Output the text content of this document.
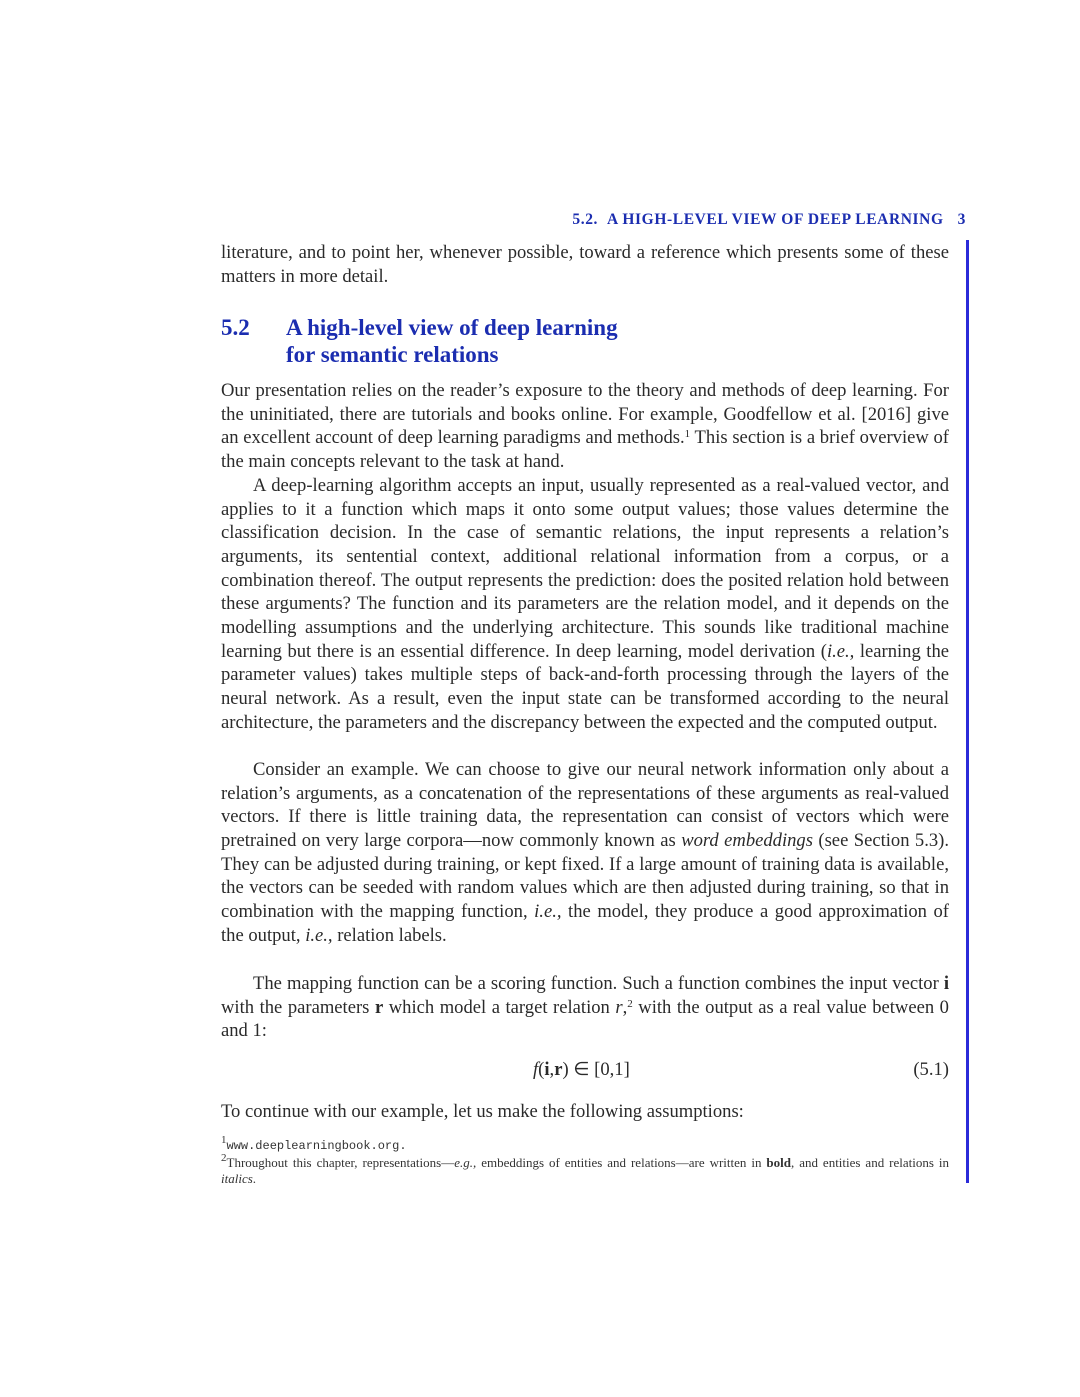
5.2. A HIGH-LEVEL VIEW OF DEEP LEARNING 3
literature, and to point her, whenever possible, toward a reference which presents some of these matters in more detail.
5.2 A high-level view of deep learning
for semantic relations
Our presentation relies on the reader’s exposure to the theory and methods of deep learning. For the uninitiated, there are tutorials and books online. For example, Goodfellow et al. [2016] give an excellent account of deep learning paradigms and methods.$^1$ This section is a brief overview of the main concepts relevant to the task at hand.
A deep-learning algorithm accepts an input, usually represented as a real-valued vector, and applies to it a function which maps it onto some output values; those values determine the classification decision. In the case of semantic relations, the input represents a relation’s arguments, its sentential context, additional relational information from a corpus, or a combination thereof. The output represents the prediction: does the posited relation hold between these arguments? The function and its parameters are the relation model, and it depends on the modelling assumptions and the underlying architecture. This sounds like traditional machine learning but there is an essential difference. In deep learning, model derivation (i.e., learning the parameter values) takes multiple steps of back-and-forth processing through the layers of the neural network. As a result, even the input state can be transformed according to the neural architecture, the parameters and the discrepancy between the expected and the computed output.
Consider an example. We can choose to give our neural network information only about a relation’s arguments, as a concatenation of the representations of these arguments as real-valued vectors. If there is little training data, the representation can consist of vectors which were pretrained on very large corpora—now commonly known as word embeddings (see Section 5.3). They can be adjusted during training, or kept fixed. If a large amount of training data is available, the vectors can be seeded with random values which are then adjusted during training, so that in combination with the mapping function, i.e., the model, they produce a good approximation of the output, i.e., relation labels.
The mapping function can be a scoring function. Such a function combines the input vector i with the parameters r which model a target relation r,$^2$ with the output as a real value between 0 and 1:
f(i,r) ∈ [0,1]	(5.1)
To continue with our example, let us make the following assumptions:
$^1$www.deeplearningbook.org.
$^2$Throughout this chapter, representations—e.g., embeddings of entities and relations—are written in bold, and entities and relations in italics.
